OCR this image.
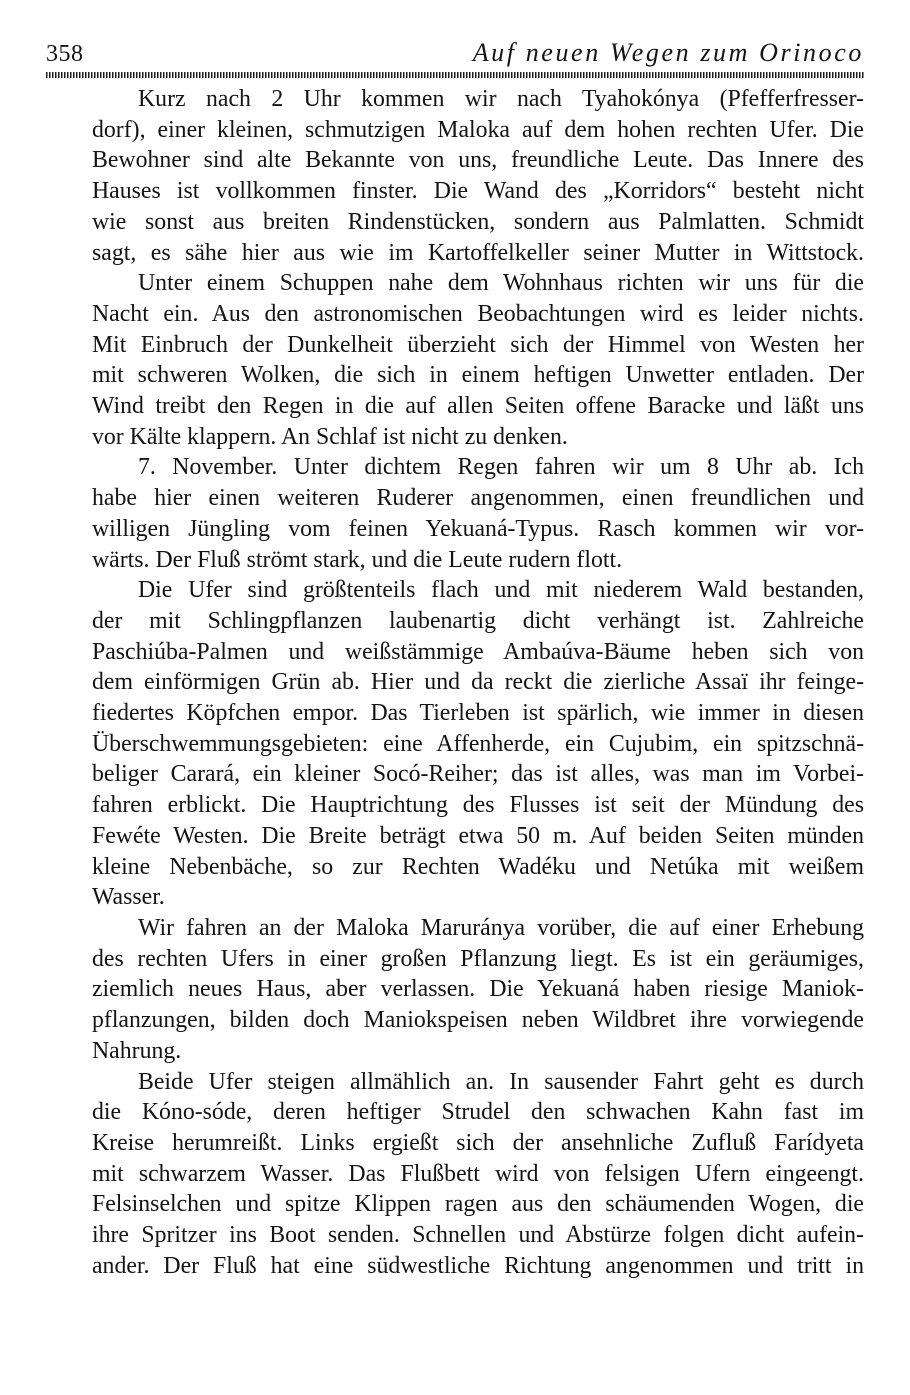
358	Auf neuen Wegen zum Orinoco
Kurz nach 2 Uhr kommen wir nach Tyahokónya (Pfefferfresser-
dorf), einer kleinen, schmutzigen Maloka auf dem hohen rechten Ufer. Die
Bewohner sind alte Bekannte von uns, freundliche Leute. Das Innere des
Hauses ist vollkommen finster. Die Wand des „Korridors“ besteht nicht
wie sonst aus breiten Rindenstücken, sondern aus Palmlatten. Schmidt
sagt, es sähe hier aus wie im Kartoffelkeller seiner Mutter in Wittstock.
Unter einem Schuppen nahe dem Wohnhaus richten wir uns für die
Nacht ein. Aus den astronomischen Beobachtungen wird es leider nichts.
Mit Einbruch der Dunkelheit überzieht sich der Himmel von Westen her
mit schweren Wolken, die sich in einem heftigen Unwetter entladen. Der
Wind treibt den Regen in die auf allen Seiten offene Baracke und läßt uns
vor Kälte klappern. An Schlaf ist nicht zu denken.
7. November. Unter dichtem Regen fahren wir um 8 Uhr ab. Ich
habe hier einen weiteren Ruderer angenommen, einen freundlichen und
willigen Jüngling vom feinen Yekuaná-Typus. Rasch kommen wir vor-
wärts. Der Fluß strömt stark, und die Leute rudern flott.
Die Ufer sind größtenteils flach und mit niederem Wald bestanden,
der mit Schlingpflanzen laubenartig dicht verhängt ist. Zahlreiche
Paschiúba-Palmen und weißstämmige Ambaúva-Bäume heben sich von
dem einförmigen Grün ab. Hier und da reckt die zierliche Assaï ihr feinge-
fiedertes Köpfchen empor. Das Tierleben ist spärlich, wie immer in diesen
Überschwemmungsgebieten: eine Affenherde, ein Cujubim, ein spitzschnä-
beliger Carará, ein kleiner Socó-Reiher; das ist alles, was man im Vorbei-
fahren erblickt. Die Hauptrichtung des Flusses ist seit der Mündung des
Fewéte Westen. Die Breite beträgt etwa 50 m. Auf beiden Seiten münden
kleine Nebenbäche, so zur Rechten Wadéku und Netúka mit weißem
Wasser.
Wir fahren an der Maloka Maruránya vorüber, die auf einer Erhebung
des rechten Ufers in einer großen Pflanzung liegt. Es ist ein geräumiges,
ziemlich neues Haus, aber verlassen. Die Yekuaná haben riesige Maniok-
pflanzungen, bilden doch Maniokspeisen neben Wildbret ihre vorwiegende
Nahrung.
Beide Ufer steigen allmählich an. In sausender Fahrt geht es durch
die Kóno-sóde, deren heftiger Strudel den schwachen Kahn fast im
Kreise herumreißt. Links ergießt sich der ansehnliche Zufluß Farídyeta
mit schwarzem Wasser. Das Flußbett wird von felsigen Ufern eingeengt.
Felsinselchen und spitze Klippen ragen aus den schäumenden Wogen, die
ihre Spritzer ins Boot senden. Schnellen und Abstürze folgen dicht aufein-
ander. Der Fluß hat eine südwestliche Richtung angenommen und tritt in
